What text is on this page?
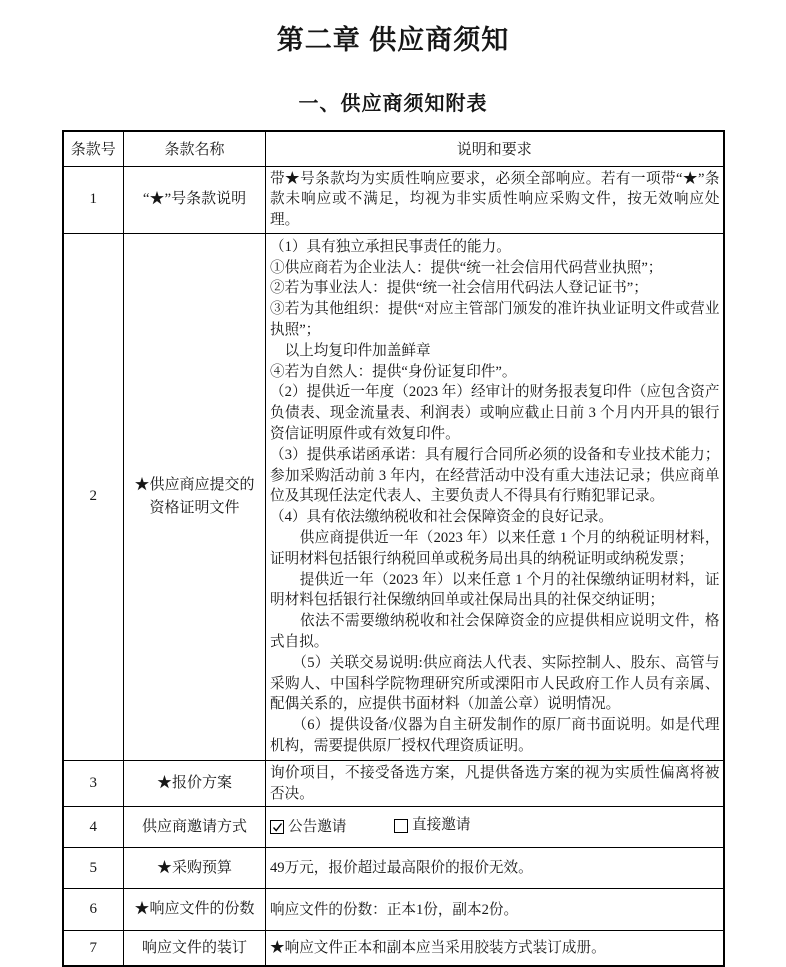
第二章 供应商须知
一、供应商须知附表
条款号	条款名称	说明和要求
1	“★”号条款说明	带★号条款均为实质性响应要求，必须全部响应。若有一项带“★”条款未响应或不满足，均视为非实质性响应采购文件，按无效响应处理。

2	★供应商应提交的资格证明文件	

（1）具有独立承担民事责任的能力。

①供应商若为企业法人：提供“统一社会信用代码营业执照”；

②若为事业法人：提供“统一社会信用代码法人登记证书”；

③若为其他组织：提供“对应主管部门颁发的准许执业证明文件或营业执照”；

　以上均复印件加盖鲜章

④若为自然人：提供“身份证复印件”。

（2）提供近一年度（2023 年）经审计的财务报表复印件（应包含资产负债表、现金流量表、利润表）或响应截止日前 3 个月内开具的银行资信证明原件或有效复印件。

（3）提供承诺函承诺：具有履行合同所必须的设备和专业技术能力；参加采购活动前 3 年内，在经营活动中没有重大违法记录；供应商单位及其现任法定代表人、主要负责人不得具有行贿犯罪记录。

（4）具有依法缴纳税收和社会保障资金的良好记录。

　　供应商提供近一年（2023 年）以来任意 1 个月的纳税证明材料，证明材料包括银行纳税回单或税务局出具的纳税证明或纳税发票；

　　提供近一年（2023 年）以来任意 1 个月的社保缴纳证明材料，证明材料包括银行社保缴纳回单或社保局出具的社保交纳证明；

　　依法不需要缴纳税收和社会保障资金的应提供相应说明文件，格式自拟。

　　（5）关联交易说明:供应商法人代表、实际控制人、股东、高管与采购人、中国科学院物理研究所或溧阳市人民政府工作人员有亲属、配偶关系的，应提供书面材料（加盖公章）说明情况。

　　（6）提供设备/仪器为自主研发制作的原厂商书面说明。如是代理机构，需要提供原厂授权代理资质证明。

3	★报价方案	询价项目，不接受备选方案，凡提供备选方案的视为实质性偏离将被否决。

4	供应商邀请方式	公告邀请
直接邀请

5	★采购预算	49万元，报价超过最高限价的报价无效。

6	★响应文件的份数	响应文件的份数：正本1份，副本2份。

7	响应文件的装订	★响应文件正本和副本应当采用胶装方式装订成册。
